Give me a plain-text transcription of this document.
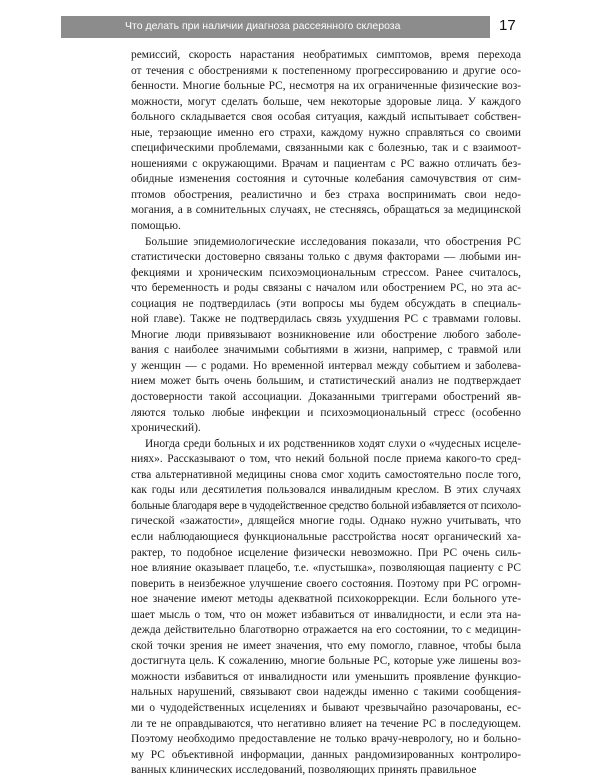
Что делать при наличии диагноза рассеянного склероза	17
ремиссий, скорость нарастания необратимых симптомов, время перехода
от течения с обострениями к постепенному прогрессированию и другие осо-
бенности. Многие больные РС, несмотря на их ограниченные физические воз-
можности, могут сделать больше, чем некоторые здоровые лица. У каждого
больного складывается своя особая ситуация, каждый испытывает собствен-
ные, терзающие именно его страхи, каждому нужно справляться со своими
специфическими проблемами, связанными как с болезнью, так и с взаимоот-
ношениями с окружающими. Врачам и пациентам с РС важно отличать без-
обидные изменения состояния и суточные колебания самочувствия от сим-
птомов обострения, реалистично и без страха воспринимать свои недо-
могания, а в сомнительных случаях, не стесняясь, обращаться за медицинской
помощью.
Большие эпидемиологические исследования показали, что обострения РС
статистически достоверно связаны только с двумя факторами — любыми ин-
фекциями и хроническим психоэмоциональным стрессом. Ранее считалось,
что беременность и роды связаны с началом или обострением РС, но эта ас-
социация не подтвердилась (эти вопросы мы будем обсуждать в специаль-
ной главе). Также не подтвердилась связь ухудшения РС с травмами головы.
Многие люди привязывают возникновение или обострение любого заболе-
вания с наиболее значимыми событиями в жизни, например, с травмой или
у женщин — с родами. Но временной интервал между событием и заболева-
нием может быть очень большим, и статистический анализ не подтверждает
достоверности такой ассоциации. Доказанными триггерами обострений яв-
ляются только любые инфекции и психоэмоциональный стресс (особенно
хронический).
Иногда среди больных и их родственников ходят слухи о «чудесных исцеле-
ниях». Рассказывают о том, что некий больной после приема какого-то сред-
ства альтернативной медицины снова смог ходить самостоятельно после того,
как годы или десятилетия пользовался инвалидным креслом. В этих случаях
больные благодаря вере в чудодейственное средство больной избавляется от психоло-
гической «зажатости», длящейся многие годы. Однако нужно учитывать, что
если наблюдающиеся функциональные расстройства носят органический ха-
рактер, то подобное исцеление физически невозможно. При РС очень силь-
ное влияние оказывает плацебо, т.е. «пустышка», позволяющая пациенту с РС
поверить в неизбежное улучшение своего состояния. Поэтому при РС огромн-
ное значение имеют методы адекватной психокоррекции. Если больного уте-
шает мысль о том, что он может избавиться от инвалидности, и если эта на-
дежда действительно благотворно отражается на его состоянии, то с медицин-
ской точки зрения не имеет значения, что ему помогло, главное, чтобы была
достигнута цель. К сожалению, многие больные РС, которые уже лишены воз-
можности избавиться от инвалидности или уменьшить проявление функцио-
нальных нарушений, связывают свои надежды именно с такими сообщения-
ми о чудодейственных исцелениях и бывают чрезвычайно разочарованы, ес-
ли те не оправдываются, что негативно влияет на течение РС в последующем.
Поэтому необходимо предоставление не только врачу-неврологу, но и больно-
му РС объективной информации, данных рандомизированных контролиро-
ванных клинических исследований, позволяющих принять правильное
